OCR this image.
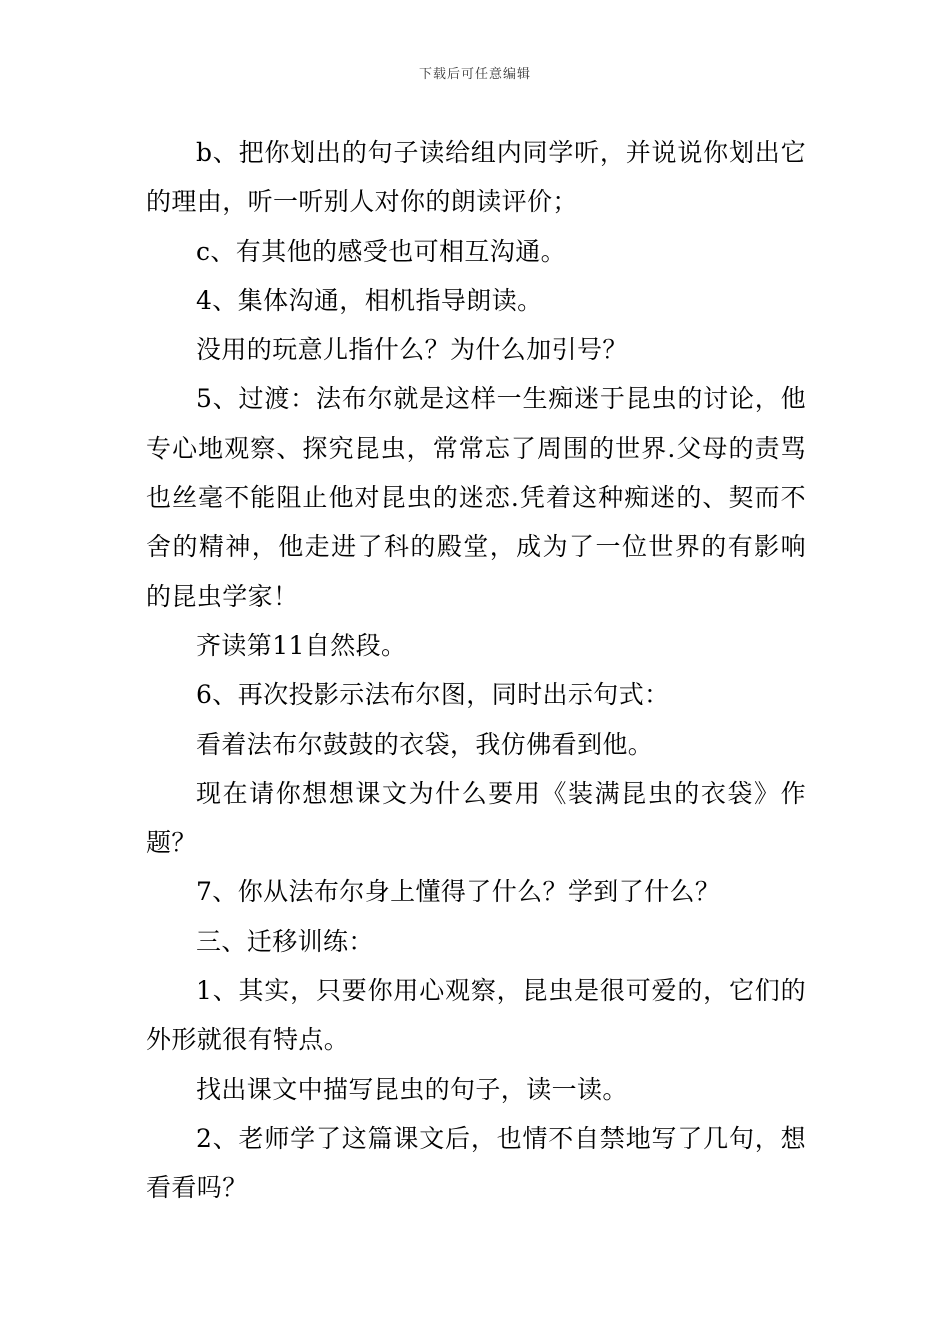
下载后可任意编辑

b、把你划出的句子读给组内同学听，并说说你划出它的理由，听一听别人对你的朗读评价；

c、有其他的感受也可相互沟通。

4、集体沟通，相机指导朗读。

没用的玩意儿指什么？为什么加引号？

5、过渡：法布尔就是这样一生痴迷于昆虫的讨论，他专心地观察、探究昆虫，常常忘了周围的世界.父母的责骂也丝毫不能阻止他对昆虫的迷恋.凭着这种痴迷的、契而不舍的精神，他走进了科的殿堂，成为了一位世界的有影响的昆虫学家！

齐读第11自然段。

6、再次投影示法布尔图，同时出示句式：

看着法布尔鼓鼓的衣袋，我仿佛看到他。

现在请你想想课文为什么要用《装满昆虫的衣袋》作题？

7、你从法布尔身上懂得了什么？学到了什么？

三、迁移训练：

1、其实，只要你用心观察，昆虫是很可爱的，它们的外形就很有特点。

找出课文中描写昆虫的句子，读一读。

2、老师学了这篇课文后，也情不自禁地写了几句，想看看吗？
